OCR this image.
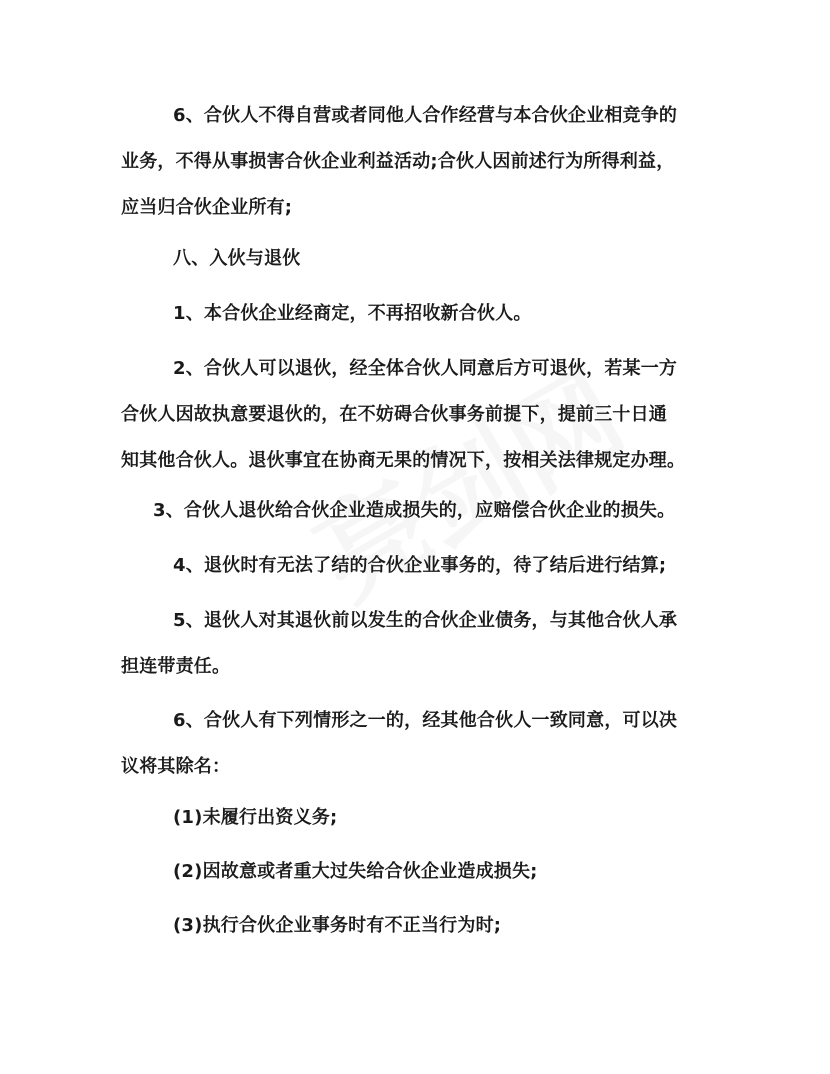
6、合伙人不得自营或者同他人合作经营与本合伙企业相竞争的
业务，不得从事损害合伙企业利益活动;合伙人因前述行为所得利益，
应当归合伙企业所有;
八、入伙与退伙
1、本合伙企业经商定，不再招收新合伙人。
2、合伙人可以退伙，经全体合伙人同意后方可退伙，若某一方
合伙人因故执意要退伙的，在不妨碍合伙事务前提下，提前三十日通
知其他合伙人。退伙事宜在协商无果的情况下，按相关法律规定办理。
3、合伙人退伙给合伙企业造成损失的，应赔偿合伙企业的损失。
4、退伙时有无法了结的合伙企业事务的，待了结后进行结算;
5、退伙人对其退伙前以发生的合伙企业债务，与其他合伙人承
担连带责任。
6、合伙人有下列情形之一的，经其他合伙人一致同意，可以决
议将其除名：
(1)未履行出资义务;
(2)因故意或者重大过失给合伙企业造成损失;
(3)执行合伙企业事务时有不正当行为时;
